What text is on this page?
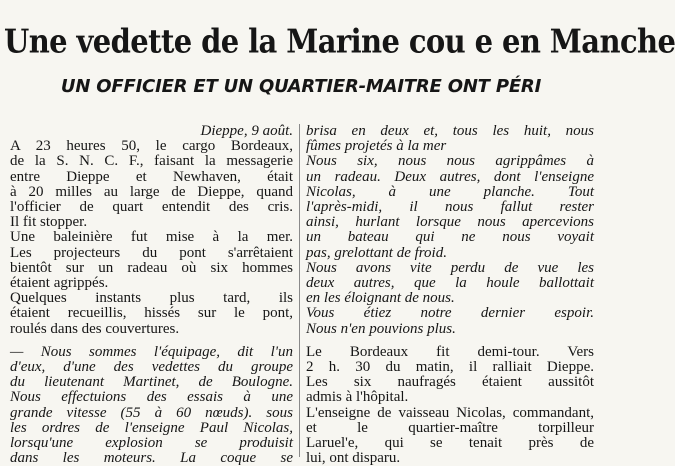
Une vedette de la Marine cou e en Manche
UN OFFICIER ET UN QUARTIER-MAITRE ONT PÉRI
Dieppe, 9 août.
A 23 heures 50, le cargo Bordeaux,
de la S. N. C. F., faisant la messagerie
entre Dieppe et Newhaven, était
à 20 milles au large de Dieppe, quand
l'officier de quart entendit des cris.
Il fit stopper.
Une baleinière fut mise à la mer.
Les projecteurs du pont s'arrêtaient
bientôt sur un radeau où six hommes
étaient agrippés.
Quelques instants plus tard, ils
étaient recueillis, hissés sur le pont,
roulés dans des couvertures.
— Nous sommes l'équipage, dit l'un
d'eux, d'une des vedettes du groupe
du lieutenant Martinet, de Boulogne.
Nous effectuions des essais à une
grande vitesse (55 à 60 nœuds). sous
les ordres de l'enseigne Paul Nicolas,
lorsqu'une explosion se produisit
dans les moteurs. La coque se
brisa en deux et, tous les huit, nous
fûmes projetés à la mer
Nous six, nous nous agrippâmes à
un radeau. Deux autres, dont l'enseigne
Nicolas, à une planche. Tout
l'après-midi, il nous fallut rester
ainsi, hurlant lorsque nous apercevions
un bateau qui ne nous voyait
pas, grelottant de froid.
Nous avons vite perdu de vue les
deux autres, que la houle ballottait
en les éloignant de nous.
Vous étiez notre dernier espoir.
Nous n'en pouvions plus.
Le Bordeaux fit demi-tour. Vers
2 h. 30 du matin, il ralliait Dieppe.
Les six naufragés étaient aussitôt
admis à l'hôpital.
L'enseigne de vaisseau Nicolas, commandant,
et le quartier-maître torpilleur
Laruel'e, qui se tenait près de
lui, ont disparu.
